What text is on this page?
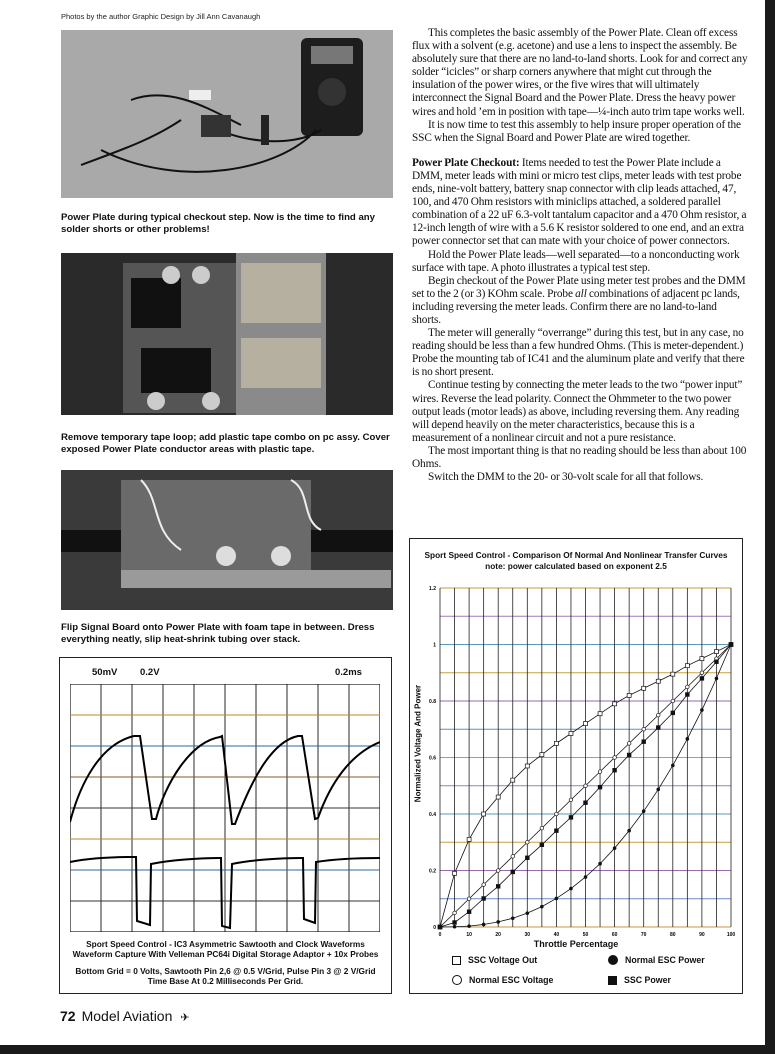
Photos by the author Graphic Design by Jill Ann Cavanaugh
Power Plate during typical checkout step. Now is the time to find any solder shorts or other problems!
Remove temporary tape loop; add plastic tape combo on pc assy. Cover exposed Power Plate conductor areas with plastic tape.
Flip Signal Board onto Power Plate with foam tape in between. Dress everything neatly, slip heat-shrink tubing over stack.
50mV 0.2V	0.2ms
Sport Speed Control - IC3 Asymmetric Sawtooth and Clock Waveforms
Waveform Capture With Velleman PC64i Digital Storage Adaptor + 10x Probes
Bottom Grid = 0 Volts, Sawtooth Pin 2,6 @ 0.5 V/Grid, Pulse Pin 3 @ 2 V/Grid
Time Base At 0.2 Milliseconds Per Grid.
72 Model Aviation ✈

This completes the basic assembly of the Power Plate. Clean off excess flux with a solvent (e.g. acetone) and use a lens to inspect the assembly. Be absolutely sure that there are no land-to-land shorts. Look for and correct any solder “icicles” or sharp corners anywhere that might cut through the insulation of the power wires, or the five wires that will ultimately interconnect the Signal Board and the Power Plate. Dress the heavy power wires and hold ’em in position with tape—¼-inch auto trim tape works well.

It is now time to test this assembly to help insure proper operation of the SSC when the Signal Board and Power Plate are wired together.

Power Plate Checkout: Items needed to test the Power Plate include a DMM, meter leads with mini or micro test clips, meter leads with test probe ends, nine-volt battery, battery snap connector with clip leads attached, 47, 100, and 470 Ohm resistors with miniclips attached, a soldered parallel combination of a 22 uF 6.3-volt tantalum capacitor and a 470 Ohm resistor, a 12-inch length of wire with a 5.6 K resistor soldered to one end, and an extra power connector set that can mate with your choice of power connectors.

Hold the Power Plate leads—well separated—to a nonconducting work surface with tape. A photo illustrates a typical test step.

Begin checkout of the Power Plate using meter test probes and the DMM set to the 2 (or 3) KOhm scale. Probe all combinations of adjacent pc lands, including reversing the meter leads. Confirm there are no land-to-land shorts.

The meter will generally “overrange” during this test, but in any case, no reading should be less than a few hundred Ohms. (This is meter-dependent.) Probe the mounting tab of IC41 and the aluminum plate and verify that there is no short present.

Continue testing by connecting the meter leads to the two “power input” wires. Reverse the lead polarity. Connect the Ohmmeter to the two power output leads (motor leads) as above, including reversing them. Any reading will depend heavily on the meter characteristics, because this is a measurement of a nonlinear circuit and not a pure resistance.

The most important thing is that no reading should be less than about 100 Ohms.

Switch the DMM to the 20- or 30-volt scale for all that follows.

Sport Speed Control - Comparison Of Normal And Nonlinear Transfer Curves
note: power calculated based on exponent 2.5
Normalized Voltage And Power
0
0.2
0.4
0.6
0.8
1
1.2
0	10	20	30	40	50	60	70	80	90	100
Throttle Percentage
SSC Voltage Out
Normal ESC Voltage
Normal ESC Power
SSC Power
